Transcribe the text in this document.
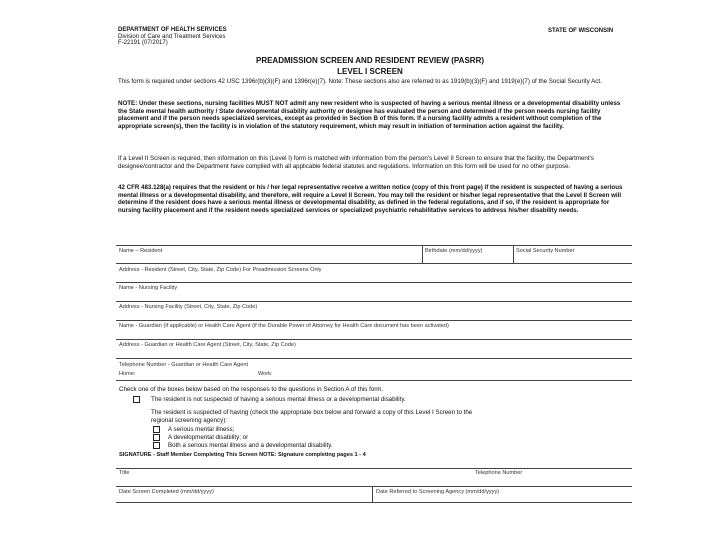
DEPARTMENT OF HEALTH SERVICES
Division of Care and Treatment Services
F-22191 (07/2017)
STATE OF WISCONSIN
PREADMISSION SCREEN AND RESIDENT REVIEW (PASRR)
LEVEL I SCREEN
This form is required under sections 42 USC 1396r(b)(3)(F) and 1396r(e)(7). Note: These sections also are referred to as 1919(b)(3)(F) and 1919(e)(7) of the Social Security Act.
NOTE: Under these sections, nursing facilities MUST NOT admit any new resident who is suspected of having a serious mental illness or a developmental disability unless the State mental health authority / State developmental disability authority or designee has evaluated the person and determined if the person needs nursing facility placement and if the person needs specialized services, except as provided in Section B of this form. If a nursing facility admits a resident without completion of the appropriate screen(s), then the facility is in violation of the statutory requirement, which may result in initiation of termination action against the facility.
If a Level II Screen is required, then information on this (Level I) form is matched with information from the person's Level II Screen to ensure that the facility, the Department's designee/contractor and the Department have complied with all applicable federal statutes and regulations. Information on this form will be used for no other purpose.
42 CFR 483.128(a) requires that the resident or his / her legal representative receive a written notice (copy of this front page) if the resident is suspected of having a serious mental illness or a developmental disability, and therefore, will require a Level II Screen. You may tell the resident or his/her legal representative that the Level II Screen will determine if the resident does have a serious mental illness or developmental disability, as defined in the federal regulations, and if so, if the resident is appropriate for nursing facility placement and if the resident needs specialized services or specialized psychiatric rehabilitative services to address his/her disability needs.
Name – Resident	Birthdate (mm/dd/yyyy)	Social Security Number
Address - Resident (Street, City, State, Zip Code) For Preadmission Screens Only
Name - Nursing Facility
Address - Nursing Facility (Street, City, State, Zip Code)
Name - Guardian (if applicable) or Health Care Agent (if the Durable Power of Attorney for Health Care document has been activated)
Address - Guardian or Health Care Agent (Street, City, State, Zip Code)
Telephone Number - Guardian or Health Care Agent
Home:	Work:
Check one of the boxes below based on the responses to the questions in Section A of this form.
The resident is not suspected of having a serious mental illness or a developmental disability.
The resident is suspected of having (check the appropriate box below and forward a copy of this Level I Screen to the
regional screening agency):
A serious mental illness;
A developmental disability; or
Both a serious mental illness and a developmental disability.
SIGNATURE - Staff Member Completing This Screen NOTE: Signature completing pages 1 - 4
Title	Telephone Number
Date Screen Completed (mm/dd/yyyy)	Date Referred to Screening Agency (mm/dd/yyyy)
